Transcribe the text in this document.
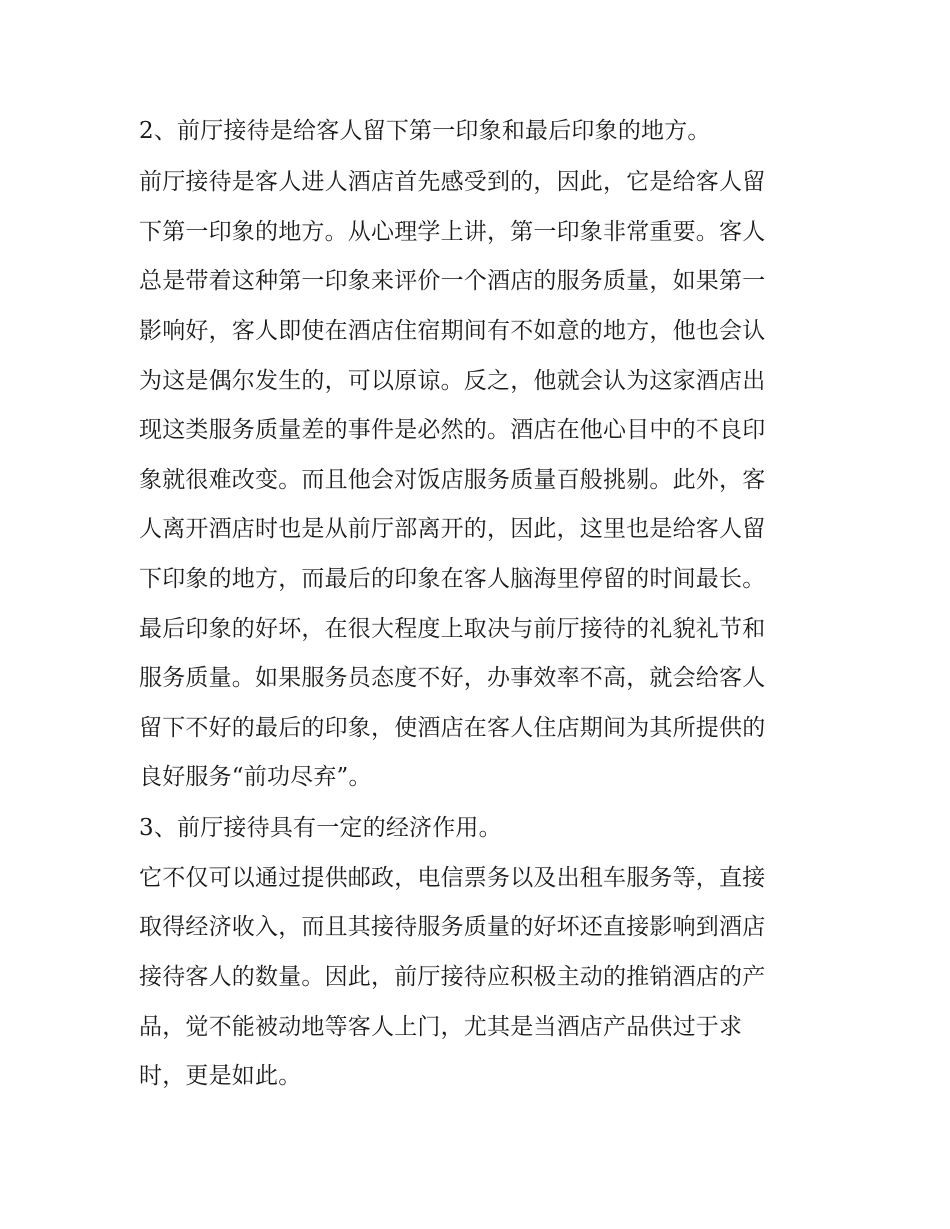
2、前厅接待是给客人留下第一印象和最后印象的地方。
前厅接待是客人进人酒店首先感受到的，因此，它是给客人留
下第一印象的地方。从心理学上讲，第一印象非常重要。客人
总是带着这种第一印象来评价一个酒店的服务质量，如果第一
影响好，客人即使在酒店住宿期间有不如意的地方，他也会认
为这是偶尔发生的，可以原谅。反之，他就会认为这家酒店出
现这类服务质量差的事件是必然的。酒店在他心目中的不良印
象就很难改变。而且他会对饭店服务质量百般挑剔。此外，客
人离开酒店时也是从前厅部离开的，因此，这里也是给客人留
下印象的地方，而最后的印象在客人脑海里停留的时间最长。
最后印象的好坏，在很大程度上取决与前厅接待的礼貌礼节和
服务质量。如果服务员态度不好，办事效率不高，就会给客人
留下不好的最后的印象，使酒店在客人住店期间为其所提供的
良好服务“前功尽弃”。
3、前厅接待具有一定的经济作用。
它不仅可以通过提供邮政，电信票务以及出租车服务等，直接
取得经济收入，而且其接待服务质量的好坏还直接影响到酒店
接待客人的数量。因此，前厅接待应积极主动的推销酒店的产
品，觉不能被动地等客人上门，尤其是当酒店产品供过于求
时，更是如此。
